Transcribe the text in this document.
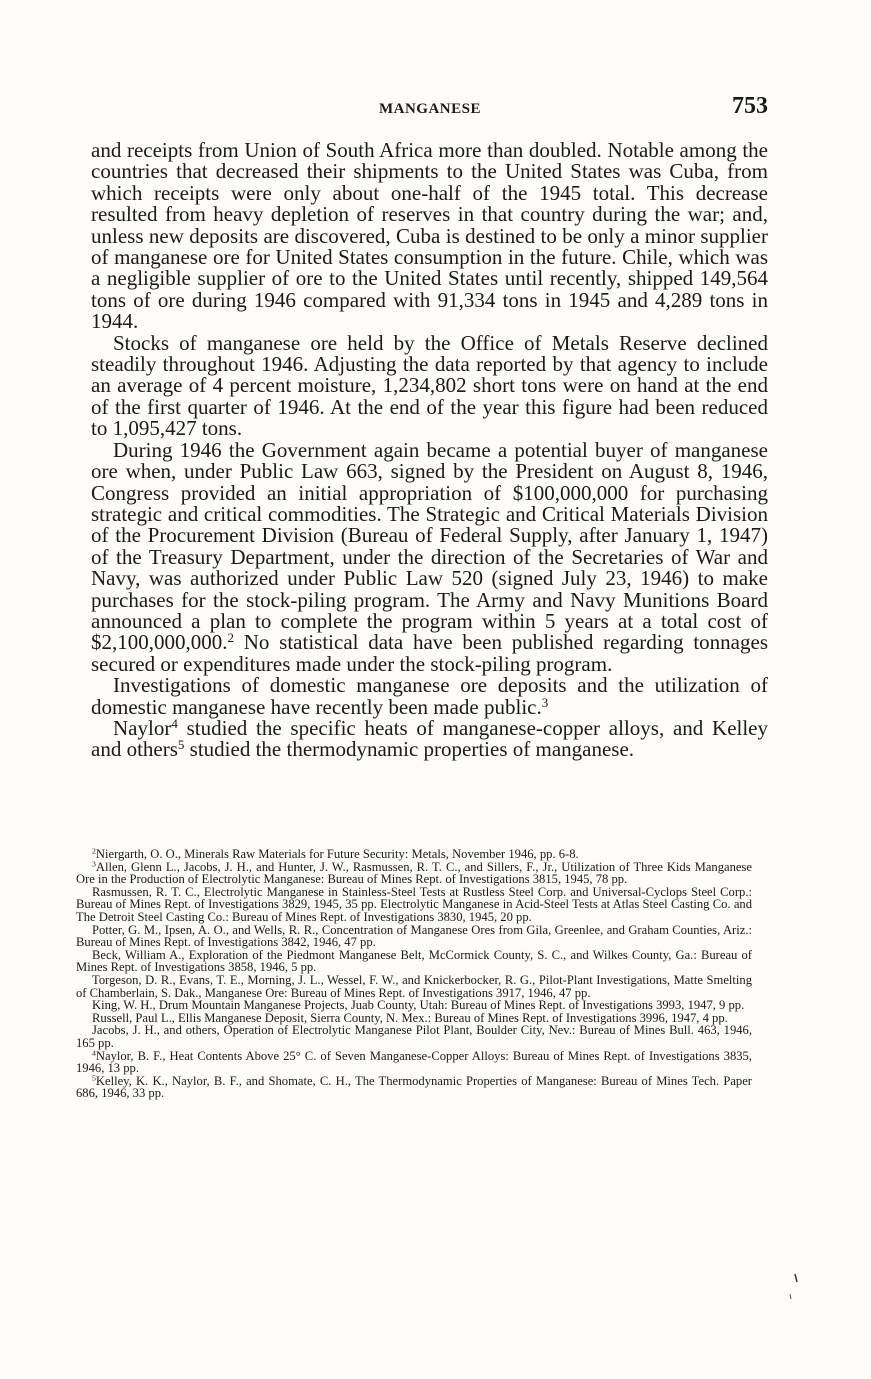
MANGANESE	753

and receipts from Union of South Africa more than doubled. Notable among the countries that decreased their shipments to the United States was Cuba, from which receipts were only about one-half of the 1945 total. This decrease resulted from heavy depletion of reserves in that country during the war; and, unless new deposits are discovered, Cuba is destined to be only a minor supplier of manganese ore for United States consumption in the future. Chile, which was a negligible supplier of ore to the United States until recently, shipped 149,564 tons of ore during 1946 compared with 91,334 tons in 1945 and 4,289 tons in 1944.

Stocks of manganese ore held by the Office of Metals Reserve declined steadily throughout 1946. Adjusting the data reported by that agency to include an average of 4 percent moisture, 1,234,802 short tons were on hand at the end of the first quarter of 1946. At the end of the year this figure had been reduced to 1,095,427 tons.

During 1946 the Government again became a potential buyer of manganese ore when, under Public Law 663, signed by the President on August 8, 1946, Congress provided an initial appropriation of $100,000,000 for purchasing strategic and critical commodities. The Strategic and Critical Materials Division of the Procurement Division (Bureau of Federal Supply, after January 1, 1947) of the Treasury Department, under the direction of the Secretaries of War and Navy, was authorized under Public Law 520 (signed July 23, 1946) to make purchases for the stock-piling program. The Army and Navy Munitions Board announced a plan to complete the program within 5 years at a total cost of $2,100,000,000.$^2$ No statistical data have been published regarding tonnages secured or expenditures made under the stock-piling program.

Investigations of domestic manganese ore deposits and the utilization of domestic manganese have recently been made public.$^3$

Naylor$^4$ studied the specific heats of manganese-copper alloys, and Kelley and others$^5$ studied the thermodynamic properties of manganese.

$^2$Niergarth, O. O., Minerals Raw Materials for Future Security: Metals, November 1946, pp. 6-8.

$^3$Allen, Glenn L., Jacobs, J. H., and Hunter, J. W., Rasmussen, R. T. C., and Sillers, F., Jr., Utilization of Three Kids Manganese Ore in the Production of Electrolytic Manganese: Bureau of Mines Rept. of Investigations 3815, 1945, 78 pp.

Rasmussen, R. T. C., Electrolytic Manganese in Stainless-Steel Tests at Rustless Steel Corp. and Universal-Cyclops Steel Corp.: Bureau of Mines Rept. of Investigations 3829, 1945, 35 pp. Electrolytic Manganese in Acid-Steel Tests at Atlas Steel Casting Co. and The Detroit Steel Casting Co.: Bureau of Mines Rept. of Investigations 3830, 1945, 20 pp.

Potter, G. M., Ipsen, A. O., and Wells, R. R., Concentration of Manganese Ores from Gila, Greenlee, and Graham Counties, Ariz.: Bureau of Mines Rept. of Investigations 3842, 1946, 47 pp.

Beck, William A., Exploration of the Piedmont Manganese Belt, McCormick County, S. C., and Wilkes County, Ga.: Bureau of Mines Rept. of Investigations 3858, 1946, 5 pp.

Torgeson, D. R., Evans, T. E., Morning, J. L., Wessel, F. W., and Knickerbocker, R. G., Pilot-Plant Investigations, Matte Smelting of Chamberlain, S. Dak., Manganese Ore: Bureau of Mines Rept. of Investigations 3917, 1946, 47 pp.

King, W. H., Drum Mountain Manganese Projects, Juab County, Utah: Bureau of Mines Rept. of Investigations 3993, 1947, 9 pp.

Russell, Paul L., Ellis Manganese Deposit, Sierra County, N. Mex.: Bureau of Mines Rept. of Investigations 3996, 1947, 4 pp.

Jacobs, J. H., and others, Operation of Electrolytic Manganese Pilot Plant, Boulder City, Nev.: Bureau of Mines Bull. 463, 1946, 165 pp.

$^4$Naylor, B. F., Heat Contents Above 25° C. of Seven Manganese-Copper Alloys: Bureau of Mines Rept. of Investigations 3835, 1946, 13 pp.

$^5$Kelley, K. K., Naylor, B. F., and Shomate, C. H., The Thermodynamic Properties of Manganese: Bureau of Mines Tech. Paper 686, 1946, 33 pp.
